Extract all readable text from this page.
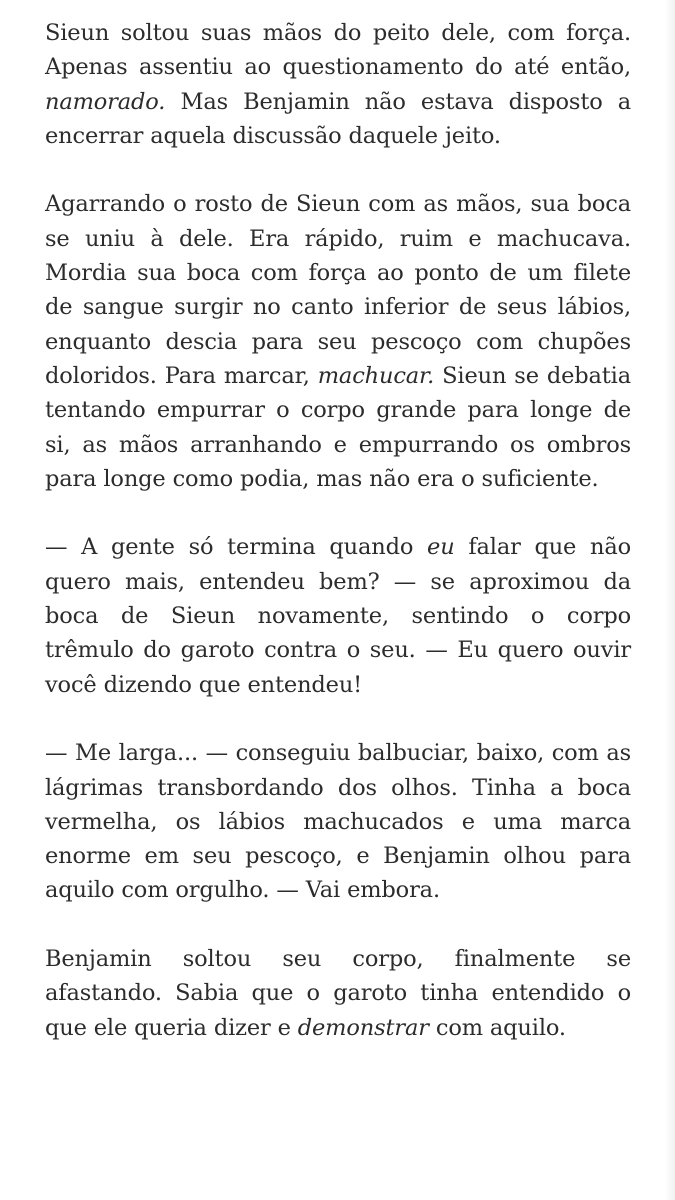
Sieun soltou suas mãos do peito dele, com força. Apenas assentiu ao questionamento do até então, namorado. Mas Benjamin não estava disposto a encerrar aquela discussão daquele jeito.

Agarrando o rosto de Sieun com as mãos, sua boca se uniu à dele. Era rápido, ruim e machucava. Mordia sua boca com força ao ponto de um filete de sangue surgir no canto inferior de seus lábios, enquanto descia para seu pescoço com chupões doloridos. Para marcar, machucar. Sieun se debatia tentando empurrar o corpo grande para longe de si, as mãos arranhando e empurrando os ombros para longe como podia, mas não era o suficiente.

— A gente só termina quando eu falar que não quero mais, entendeu bem? — se aproximou da boca de Sieun novamente, sentindo o corpo trêmulo do garoto contra o seu. — Eu quero ouvir você dizendo que entendeu!

— Me larga... — conseguiu balbuciar, baixo, com as lágrimas transbordando dos olhos. Tinha a boca vermelha, os lábios machucados e uma marca enorme em seu pescoço, e Benjamin olhou para aquilo com orgulho. — Vai embora.

Benjamin soltou seu corpo, finalmente se afastando. Sabia que o garoto tinha entendido o que ele queria dizer e demonstrar com aquilo.
